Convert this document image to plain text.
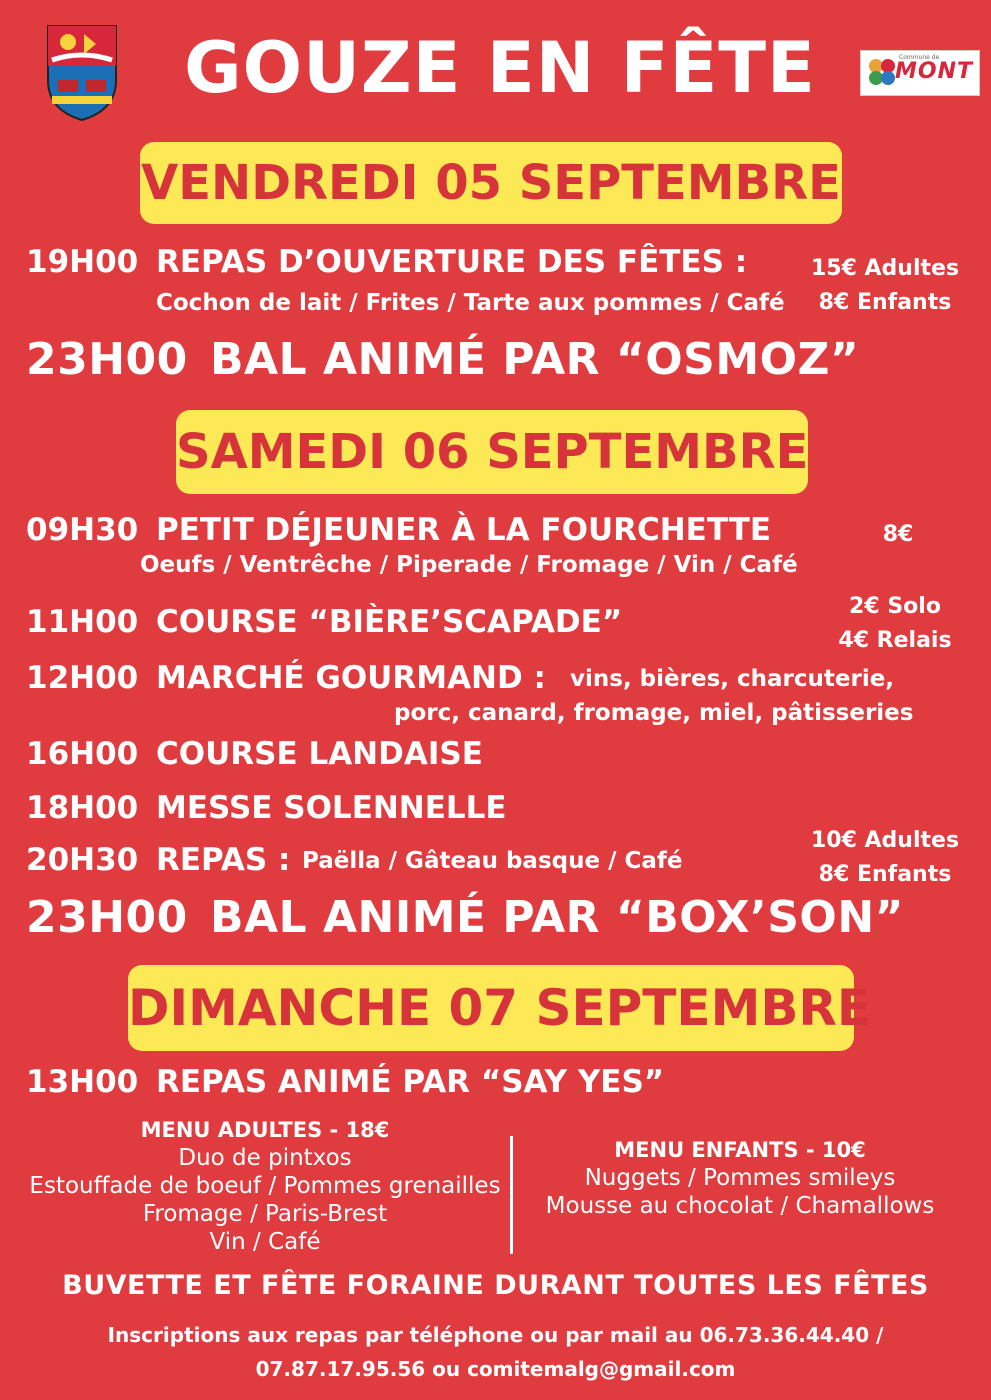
GOUZE EN FÊTE	Commune de
MONT
VENDREDI 05 SEPTEMBRE
19H00 REPAS D’OUVERTURE DES FÊTES :
Cochon de lait / Frites / Tarte aux pommes / Café
15€ Adultes
8€ Enfants
23H00 BAL ANIMÉ PAR “OSMOZ”
SAMEDI 06 SEPTEMBRE
09H30 PETIT DÉJEUNER À LA FOURCHETTE
Oeufs / Ventrêche / Piperade / Fromage / Vin / Café
8€
11H00 COURSE “BIÈRE’SCAPADE”	2€ Solo
4€ Relais
12H00 MARCHÉ GOURMAND : vins, bières, charcuterie,
porc, canard, fromage, miel, pâtisseries
16H00 COURSE LANDAISE
18H00 MESSE SOLENNELLE
20H30 REPAS : Paëlla / Gâteau basque / Café
10€ Adultes
8€ Enfants
23H00 BAL ANIMÉ PAR “BOX’SON”
DIMANCHE 07 SEPTEMBRE
13H00 REPAS ANIMÉ PAR “SAY YES”
MENU ADULTES - 18€
Duo de pintxos
Estouffade de boeuf / Pommes grenailles
Fromage / Paris-Brest
Vin / Café
MENU ENFANTS - 10€
Nuggets / Pommes smileys
Mousse au chocolat / Chamallows
BUVETTE ET FÊTE FORAINE DURANT TOUTES LES FÊTES
Inscriptions aux repas par téléphone ou par mail au 06.73.36.44.40 /
07.87.17.95.56 ou comitemalg@gmail.com
